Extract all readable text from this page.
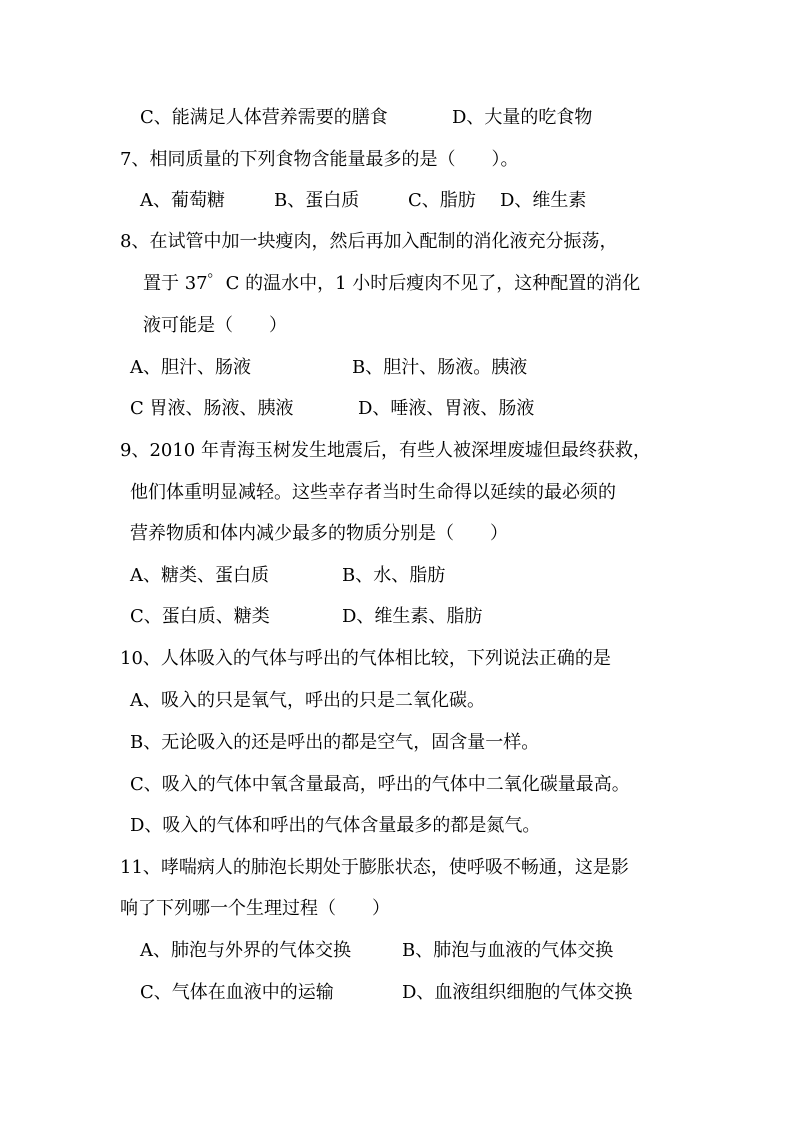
C、能满足人体营养需要的膳食	D、大量的吃食物
7、相同质量的下列食物含能量最多的是（　　）。
A、葡萄糖	B、蛋白质	C、脂肪 D、维生素
8、在试管中加一块瘦肉，然后再加入配制的消化液充分振荡，
置于 37゜C 的温水中，1 小时后瘦肉不见了，这种配置的消化
液可能是（　　）
A、胆汁、肠液	B、胆汁、肠液。胰液
C 胃液、肠液、胰液	D、唾液、胃液、肠液
9、2010 年青海玉树发生地震后，有些人被深埋废墟但最终获救，
他们体重明显减轻。这些幸存者当时生命得以延续的最必须的
营养物质和体内减少最多的物质分别是（　　）
A、糖类、蛋白质	B、水、脂肪
C、蛋白质、糖类	D、维生素、脂肪
10、人体吸入的气体与呼出的气体相比较，下列说法正确的是
A、吸入的只是氧气，呼出的只是二氧化碳。
B、无论吸入的还是呼出的都是空气，固含量一样。
C、吸入的气体中氧含量最高，呼出的气体中二氧化碳量最高。
D、吸入的气体和呼出的气体含量最多的都是氮气。
11、哮喘病人的肺泡长期处于膨胀状态，使呼吸不畅通，这是影
响了下列哪一个生理过程（　　）
A、肺泡与外界的气体交换	B、肺泡与血液的气体交换
C、气体在血液中的运输	D、血液组织细胞的气体交换
